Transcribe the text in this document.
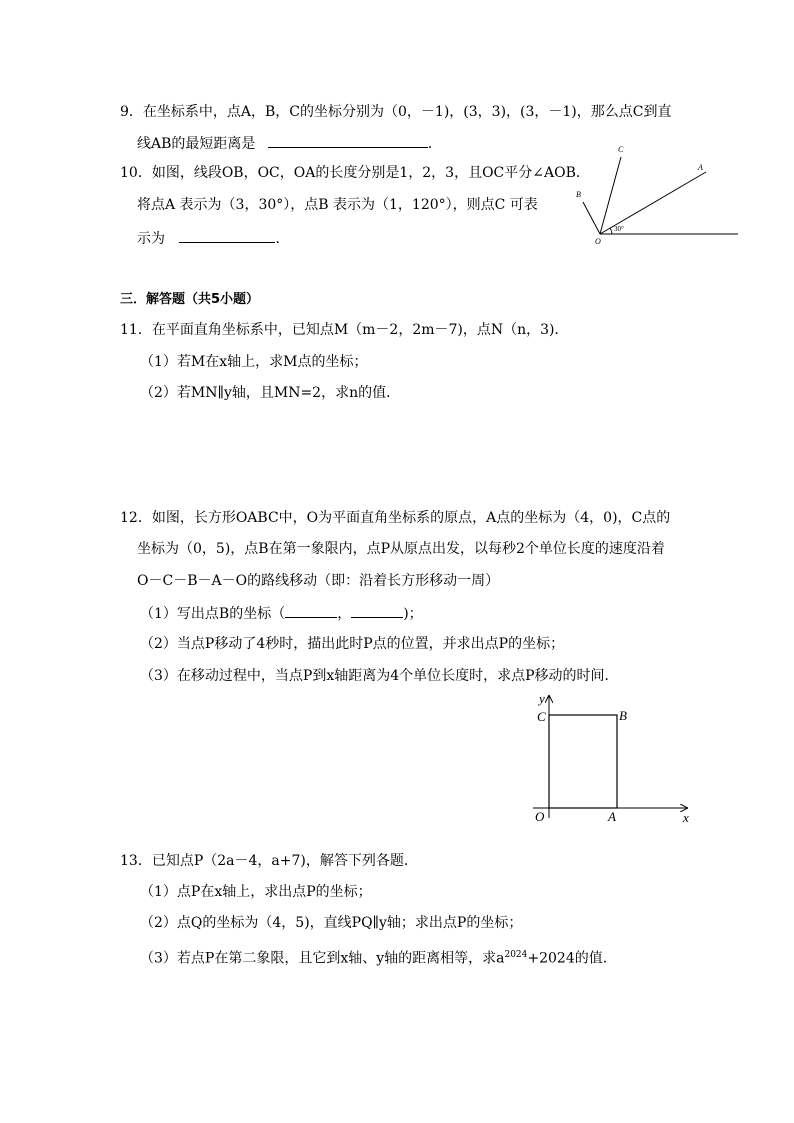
9．在坐标系中，点A，B，C的坐标分别为（0，－1)，(3，3)，(3，－1)，那么点C到直
线AB的最短距离是	．
10．如图，线段OB，OC，OA的长度分别是1，2，3，且OC平分∠AOB．
将点A 表示为（3，30°），点B 表示为（1，120°），则点C 可表
示为	．
C
A
B
O
30°
三．解答题（共5小题）
11．在平面直角坐标系中，已知点M（m－2，2m－7)，点N（n，3)．
（1）若M在x轴上，求M点的坐标；
（2）若MN∥y轴，且MN=2，求n的值．
12．如图，长方形OABC中，O为平面直角坐标系的原点，A点的坐标为（4，0)，C点的
坐标为（0，5)，点B在第一象限内，点P从原点出发，以每秒2个单位长度的速度沿着
O－C－B－A－O的路线移动（即：沿着长方形移动一周）
（1）写出点B的坐标（	，	)；
（2）当点P移动了4秒时，描出此时P点的位置，并求出点P的坐标；
（3）在移动过程中，当点P到x轴距离为4个单位长度时，求点P移动的时间．
y
x
C	B
O	A
13．已知点P（2a－4，a+7)，解答下列各题．
（1）点P在x轴上，求出点P的坐标；
（2）点Q的坐标为（4，5)，直线PQ∥y轴；求出点P的坐标；
（3）若点P在第二象限，且它到x轴、y轴的距离相等，求$a^{2024}+2024$的值．
